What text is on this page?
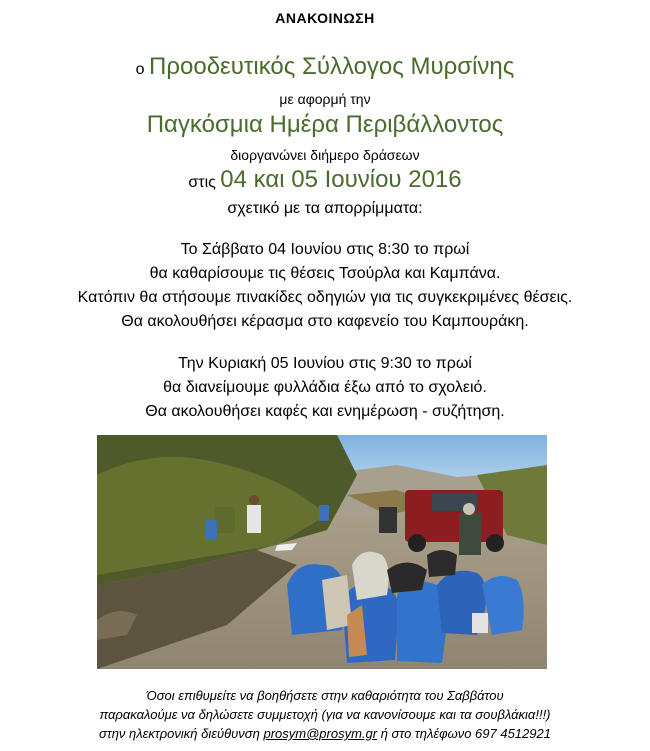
ΑΝΑΚΟΙΝΩΣΗ
ο Προοδευτικός Σύλλογος Μυρσίνης
με αφορμή την
Παγκόσμια Ημέρα Περιβάλλοντος
διοργανώνει διήμερο δράσεων
στις 04 και 05 Ιουνίου 2016
σχετικό με τα απορρίμματα:
Το Σάββατο 04 Ιουνίου στις 8:30 το πρωί
θα καθαρίσουμε τις θέσεις Τσούρλα και Καμπάνα.
Κατόπιν θα στήσουμε πινακίδες οδηγιών για τις συγκεκριμένες θέσεις.
Θα ακολουθήσει κέρασμα στο καφενείο του Καμπουράκη.
Την Κυριακή 05 Ιουνίου στις 9:30 το πρωί
θα διανείμουμε φυλλάδια έξω από το σχολειό.
Θα ακολουθήσει καφές και ενημέρωση - συζήτηση.
Όσοι επιθυμείτε να βοηθήσετε στην καθαριότητα του Σαββάτου
παρακαλούμε να δηλώσετε συμμετοχή (για να κανονίσουμε και τα σουβλάκια!!!)
στην ηλεκτρονική διεύθυνση prosym@prosym.gr ή στο τηλέφωνο 697 4512921
